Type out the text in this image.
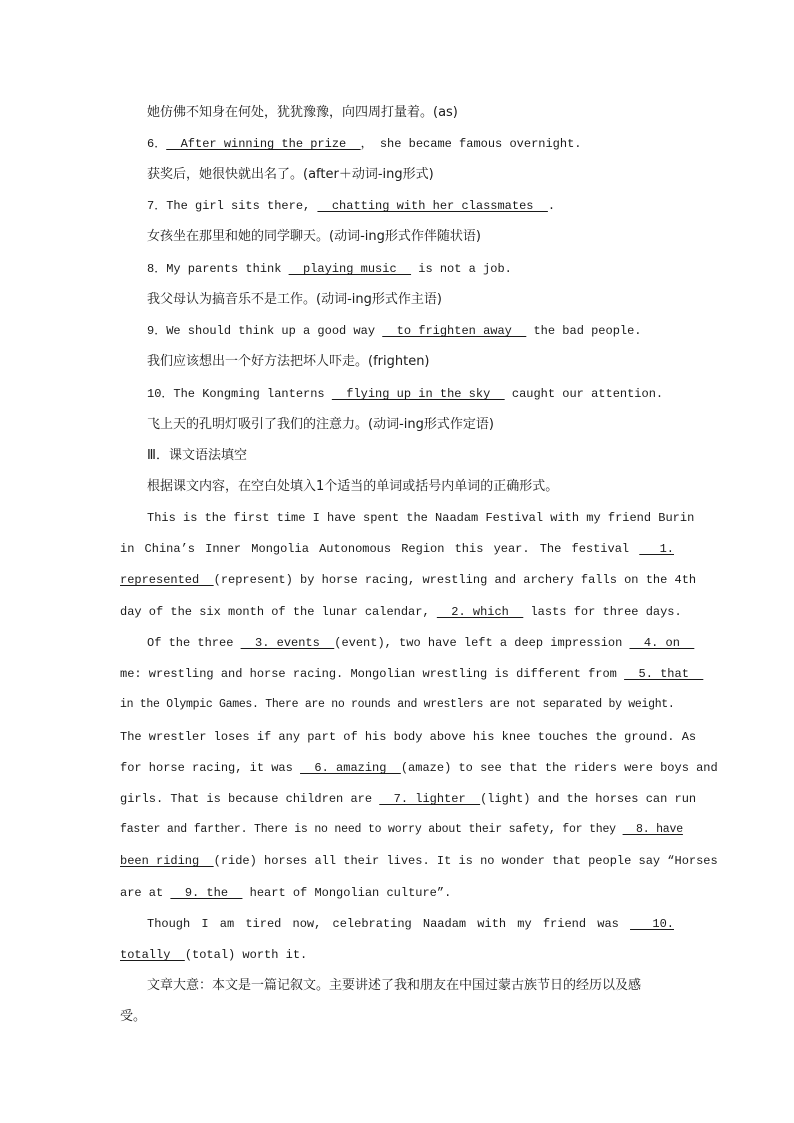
她仿佛不知身在何处，犹犹豫豫，向四周打量着。(as)
6．  After winning the prize  ， she became famous overnight.
获奖后，她很快就出名了。(after＋动词-ing形式)
7．The girl sits there,   chatting with her classmates  .
女孩坐在那里和她的同学聊天。(动词-ing形式作伴随状语)
8．My parents think   playing music   is not a job.
我父母认为搞音乐不是工作。(动词-ing形式作主语)
9．We should think up a good way   to frighten away   the bad people.
我们应该想出一个好方法把坏人吓走。(frighten)
10．The Kongming lanterns   flying up in the sky   caught our attention.
飞上天的孔明灯吸引了我们的注意力。(动词-ing形式作定语)
Ⅲ．课文语法填空
根据课文内容，在空白处填入1个适当的单词或括号内单词的正确形式。
This is the first time I have spent the Naadam Festival with my friend Burin
in China’s Inner Mongolia Autonomous Region this year. The festival   1.
represented  (represent) by horse racing, wrestling and archery falls on the 4th
day of the six month of the lunar calendar,   2. which   lasts for three days.
Of the three   3. events  (event), two have left a deep impression   4. on
me: wrestling and horse racing. Mongolian wrestling is different from   5. that
in the Olympic Games. There are no rounds and wrestlers are not separated by weight.
The wrestler loses if any part of his body above his knee touches the ground. As
for horse racing, it was   6. amazing  (amaze) to see that the riders were boys and
girls. That is because children are   7. lighter  (light) and the horses can run
faster and farther. There is no need to worry about their safety, for they   8. have
been riding  (ride) horses all their lives. It is no wonder that people say “Horses
are at   9. the   heart of Mongolian culture”.
Though I am tired now, celebrating Naadam with my friend was   10.
totally  (total) worth it.
文章大意：本文是一篇记叙文。主要讲述了我和朋友在中国过蒙古族节日的经历以及感
受。
